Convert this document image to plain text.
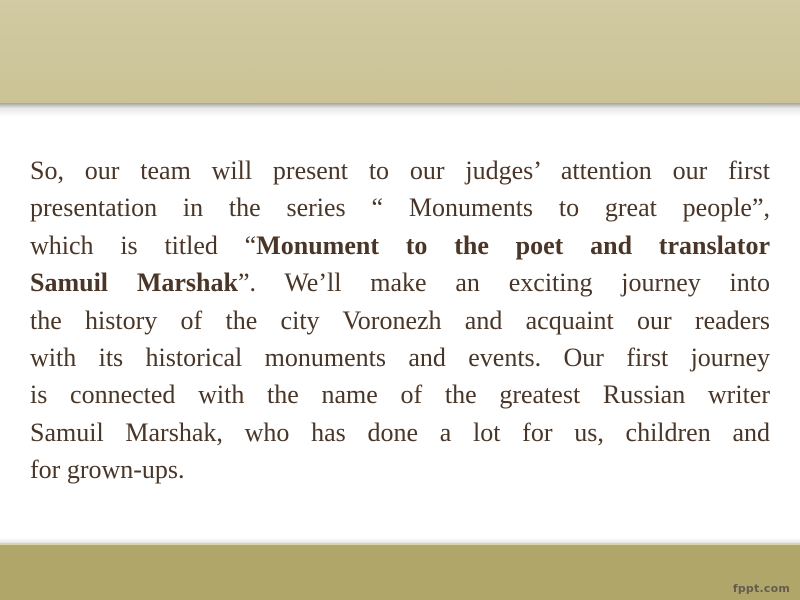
So, our team will present to our judges’ attention our first
presentation in the series “ Monuments to great people”,
which is titled “Monument to the poet and translator
Samuil Marshak”. We’ll make an exciting journey into
the history of the city Voronezh and acquaint our readers
with its historical monuments and events. Our first journey
is connected with the name of the greatest Russian writer
Samuil Marshak, who has done a lot for us, children and
for grown-ups.
fppt.com
